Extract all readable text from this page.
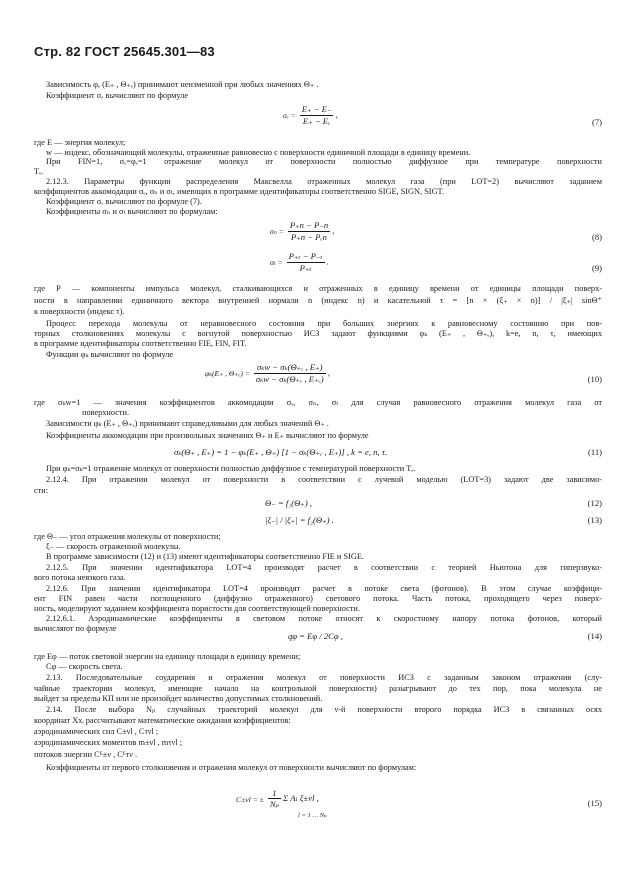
Стр. 82 ГОСТ 25645.301—83
Зависимость φₑ (E₊ , Θ₊ₑ) принимают неизменной при любых значениях Θ₊ .
Коэффициент σₑ вычисляют по формуле
$\sigma_e = \frac{E_+ - E_-}{\text{E₊ − Eₑ}}$ ,
(7)
где E — энергия молекул;
w — индекс, обозначающий молекулы, отраженные равновесно с поверхности единичной площади в единицу времени.
При FIN=1, σₑ=φₑ=1 отражение молекул от поверхности полностью диффузное при температуре поверхности
Tₑ.
2.12.3. Параметры функции распределения Максвелла отраженных молекул газа (при LOT=2) вычисляют заданием
коэффициентов аккомодации σₑ, σₙ и σₜ, имеющих в программе идентификаторы соответственно SIGE, SIGN, SIGT.
Коэффициент σₑ вычисляют по формуле (7).
Коэффициенты σₙ и σₜ вычисляют по формулам:
$\sigma_n = \frac{P_+n - P_-n}{\text{P₊n − Pₑn}}$ ,
(8)
$\sigma_t = \frac{\text{P₊ₜ − P₋ₜ}}{\text{P₊ₜ}}$ .
(9)
где P — компоненты импульса молекул, сталкивающихся и отраженных в единицу времени от единицы площади поверх-
ности в направлении единичного вектора внутренней нормали n (индекс n) и касательной τ = [n × (ξ₊ × n)] / |ξ₊| sinΘ⁺
к поверхности (индекс τ).
Процесс перехода молекулы от неравновесного состояния при больших энергиях к равновесному состоянию при пов-
торных столкновениях молекулы с вогнутой поверхностью ИСЗ задают функциями φₖ (E₊ , Θ₊ₑ), k=e, n, τ, имеющих
в программе идентификаторы соответственно FIE, FIN, FIT.
Функции φₖ вычисляют по формуле
φₖ(E₊ , $\Theta_{+e}) = \frac{\text{σₖw − σₖ(Θ₊ₑ , E₊)}}{\text{σₖw − σₖ(Θ₊ₑ , E₊ₑ)}}$ ,
(10)
где σₖw=1 — значения коэффициентов аккомодации σₑ, σₙ, σₜ для случая равновесного отражения молекул газа от
поверхности.
Зависимости φₖ (E₊ , Θ₊ₑ) принимают справедливыми для любых значений Θ₊ .
Коэффициенты аккомодации при произвольных значениях Θ₊ и E₊ вычисляют по формуле
σₖ(Θ₊ , E₊) = 1 − φₖ(E₊ , Θ₊) [1 − σₖ(Θ₊ₑ , E₊)] , k = e, n, τ.	(11)
При φₖ=σₖ=1 отражение молекул от поверхности полностью диффузное с температурой поверхности Tₑ.
2.12.4. При отражении молекул от поверхности в соответствии с лучевой моделью (LOT=3) задают две зависимо-
сти:
Θ₋ = f₁(Θ₊) ,	(12)
|ξ₋| / |ξ₊| = f₂(Θ₊) .	(13)
где Θ₋ — угол отражения молекулы от поверхности;
ξ₋ — скорость отраженной молекулы.
В программе зависимости (12) и (13) имеют идентификаторы соответственно FIE и SIGE.
2.12.5. При значении идентификатора LOT=4 производят расчет в соответствии с теорией Ньютона для гиперзвуко-
вого потока неязкого газа.
2.12.6. При значении идентификатора LOT=4 производят расчет в потоке света (фотонов). В этом случае коэффици-
ент FIN равен части поглощенного (диффузно отраженного) светового потока. Часть потока, проходящего через поверх-
ность, моделируют заданием коэффициента пористости для соответствующей поверхности.
2.12.6.1. Аэродинамические коэффициенты в световом потоке относят к скоростному напору потока фотонов, который
вычисляют по формуле
qφ = Eφ / 2Cφ ,	(14)
где Eφ — поток световой энергии на единицу площади в единицу времени;
Cφ — скорость света.
2.13. Последовательные соударения и отражения молекул от поверхности ИСЗ с заданным законом отражения (слу-
чайные траектории молекул, имеющие начало на контрольной поверхности) разыгрывают до тех пор, пока молекула не
выйдет за пределы КП или не произойдет количество допустимых столкновений.
2.14. После выбора Nₚ случайных траекторий молекул для ν-й поверхности второго порядка ИСЗ в связанных осях
координат Xxᵢ рассчитывают математические ожидания коэффициентов:
аэродинамических сил C±νl , Cτνl ;
аэродинамических моментов m±νl , mτνl ;
потоков энергии Cᴱ±ν , Cᴱτν .
Коэффициенты от первого столкновения и отражения молекул от поверхности вычисляют по формулам:
C±νl = ± $\frac{1}{\text{Nₚ}}$ Σ Aₗ ξ±νl ,
l = 1 … Nₚ
(15)
